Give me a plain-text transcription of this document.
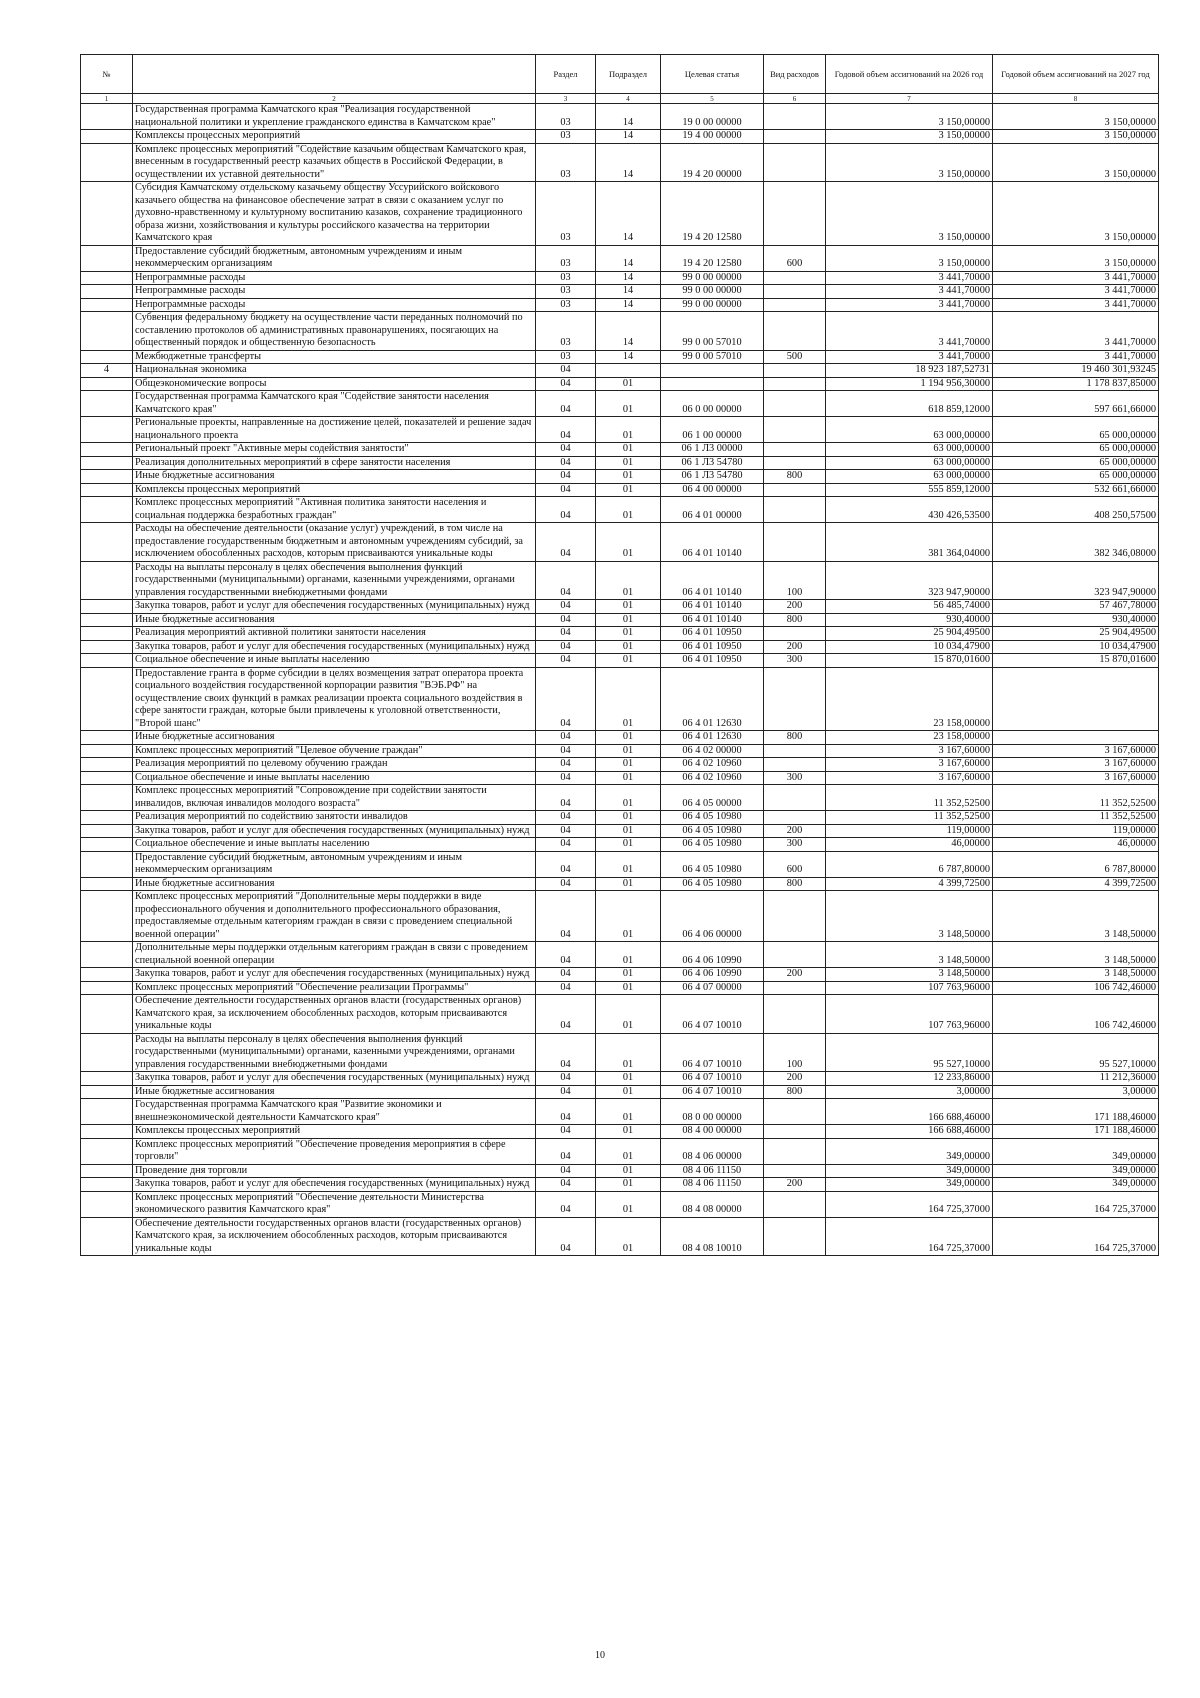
№		Раздел	Подраздел	Целевая статья	Вид расходов	Годовой объем ассигнований на 2026 год	Годовой объем ассигнований на 2027 год
1	2	3	4	5	6	7	8
	Государственная программа Камчатского края "Реализация государственной национальной политики и укрепление гражданского единства в Камчатском крае"	03	14	19 0 00 00000		3 150,00000	3 150,00000
	Комплексы процессных мероприятий	03	14	19 4 00 00000		3 150,00000	3 150,00000
	Комплекс процессных мероприятий "Содействие казачьим обществам Камчатского края, внесенным в государственный реестр казачьих обществ в Российской Федерации, в осуществлении их уставной деятельности"	03	14	19 4 20 00000		3 150,00000	3 150,00000
	Субсидия Камчатскому отдельскому казачьему обществу Уссурийского войскового казачьего общества на финансовое обеспечение затрат в связи с оказанием услуг по духовно-нравственному и культурному воспитанию казаков, сохранение традиционного образа жизни, хозяйствования и культуры российского казачества на территории Камчатского края	03	14	19 4 20 12580		3 150,00000	3 150,00000
	Предоставление субсидий бюджетным, автономным учреждениям и иным некоммерческим организациям	03	14	19 4 20 12580	600	3 150,00000	3 150,00000
	Непрограммные расходы	03	14	99 0 00 00000		3 441,70000	3 441,70000
	Непрограммные расходы	03	14	99 0 00 00000		3 441,70000	3 441,70000
	Непрограммные расходы	03	14	99 0 00 00000		3 441,70000	3 441,70000
	Субвенция федеральному бюджету на осуществление части переданных полномочий по составлению протоколов об административных правонарушениях, посягающих на общественный порядок и общественную безопасность	03	14	99 0 00 57010		3 441,70000	3 441,70000
	Межбюджетные трансферты	03	14	99 0 00 57010	500	3 441,70000	3 441,70000
4	Национальная экономика	04				18 923 187,52731	19 460 301,93245
	Общеэкономические вопросы	04	01			1 194 956,30000	1 178 837,85000
	Государственная программа Камчатского края "Содействие занятости населения Камчатского края"	04	01	06 0 00 00000		618 859,12000	597 661,66000
	Региональные проекты, направленные на достижение целей, показателей и решение задач национального проекта	04	01	06 1 00 00000		63 000,00000	65 000,00000
	Региональный проект "Активные меры содействия занятости"	04	01	06 1 Л3 00000		63 000,00000	65 000,00000
	Реализация дополнительных мероприятий в сфере занятости населения	04	01	06 1 Л3 54780		63 000,00000	65 000,00000
	Иные бюджетные ассигнования	04	01	06 1 Л3 54780	800	63 000,00000	65 000,00000
	Комплексы процессных мероприятий	04	01	06 4 00 00000		555 859,12000	532 661,66000
	Комплекс процессных мероприятий "Активная политика занятости населения и социальная поддержка безработных граждан"	04	01	06 4 01 00000		430 426,53500	408 250,57500
	Расходы на обеспечение деятельности (оказание услуг) учреждений, в том числе на предоставление государственным бюджетным и автономным учреждениям субсидий, за исключением обособленных расходов, которым присваиваются уникальные коды	04	01	06 4 01 10140		381 364,04000	382 346,08000
	Расходы на выплаты персоналу в целях обеспечения выполнения функций государственными (муниципальными) органами, казенными учреждениями, органами управления государственными внебюджетными фондами	04	01	06 4 01 10140	100	323 947,90000	323 947,90000
	Закупка товаров, работ и услуг для обеспечения государственных (муниципальных) нужд	04	01	06 4 01 10140	200	56 485,74000	57 467,78000
	Иные бюджетные ассигнования	04	01	06 4 01 10140	800	930,40000	930,40000
	Реализация мероприятий активной политики занятости населения	04	01	06 4 01 10950		25 904,49500	25 904,49500
	Закупка товаров, работ и услуг для обеспечения государственных (муниципальных) нужд	04	01	06 4 01 10950	200	10 034,47900	10 034,47900
	Социальное обеспечение и иные выплаты населению	04	01	06 4 01 10950	300	15 870,01600	15 870,01600
	Предоставление гранта в форме субсидии в целях возмещения затрат оператора проекта социального воздействия государственной корпорации развития "ВЭБ.РФ" на осуществление своих функций в рамках реализации проекта социального воздействия в сфере занятости граждан, которые были привлечены к уголовной ответственности, "Второй шанс"	04	01	06 4 01 12630		23 158,00000	
	Иные бюджетные ассигнования	04	01	06 4 01 12630	800	23 158,00000	
	Комплекс процессных мероприятий "Целевое обучение граждан"	04	01	06 4 02 00000		3 167,60000	3 167,60000
	Реализация мероприятий по целевому обучению граждан	04	01	06 4 02 10960		3 167,60000	3 167,60000
	Социальное обеспечение и иные выплаты населению	04	01	06 4 02 10960	300	3 167,60000	3 167,60000
	Комплекс процессных мероприятий "Сопровождение при содействии занятости инвалидов, включая инвалидов молодого возраста"	04	01	06 4 05 00000		11 352,52500	11 352,52500
	Реализация мероприятий по содействию занятости инвалидов	04	01	06 4 05 10980		11 352,52500	11 352,52500
	Закупка товаров, работ и услуг для обеспечения государственных (муниципальных) нужд	04	01	06 4 05 10980	200	119,00000	119,00000
	Социальное обеспечение и иные выплаты населению	04	01	06 4 05 10980	300	46,00000	46,00000
	Предоставление субсидий бюджетным, автономным учреждениям и иным некоммерческим организациям	04	01	06 4 05 10980	600	6 787,80000	6 787,80000
	Иные бюджетные ассигнования	04	01	06 4 05 10980	800	4 399,72500	4 399,72500
	Комплекс процессных мероприятий "Дополнительные меры поддержки в виде профессионального обучения и дополнительного профессионального образования, предоставляемые отдельным категориям граждан в связи с проведением специальной военной операции"	04	01	06 4 06 00000		3 148,50000	3 148,50000
	Дополнительные меры поддержки отдельным категориям граждан в связи с проведением специальной военной операции	04	01	06 4 06 10990		3 148,50000	3 148,50000
	Закупка товаров, работ и услуг для обеспечения государственных (муниципальных) нужд	04	01	06 4 06 10990	200	3 148,50000	3 148,50000
	Комплекс процессных мероприятий "Обеспечение реализации Программы"	04	01	06 4 07 00000		107 763,96000	106 742,46000
	Обеспечение деятельности государственных органов власти (государственных органов) Камчатского края, за исключением обособленных расходов, которым присваиваются уникальные коды	04	01	06 4 07 10010		107 763,96000	106 742,46000
	Расходы на выплаты персоналу в целях обеспечения выполнения функций государственными (муниципальными) органами, казенными учреждениями, органами управления государственными внебюджетными фондами	04	01	06 4 07 10010	100	95 527,10000	95 527,10000
	Закупка товаров, работ и услуг для обеспечения государственных (муниципальных) нужд	04	01	06 4 07 10010	200	12 233,86000	11 212,36000
	Иные бюджетные ассигнования	04	01	06 4 07 10010	800	3,00000	3,00000
	Государственная программа Камчатского края "Развитие экономики и внешнеэкономической деятельности Камчатского края"	04	01	08 0 00 00000		166 688,46000	171 188,46000
	Комплексы процессных мероприятий	04	01	08 4 00 00000		166 688,46000	171 188,46000
	Комплекс процессных мероприятий "Обеспечение проведения мероприятия в сфере торговли"	04	01	08 4 06 00000		349,00000	349,00000
	Проведение дня торговли	04	01	08 4 06 11150		349,00000	349,00000
	Закупка товаров, работ и услуг для обеспечения государственных (муниципальных) нужд	04	01	08 4 06 11150	200	349,00000	349,00000
	Комплекс процессных мероприятий "Обеспечение деятельности Министерства экономического развития Камчатского края"	04	01	08 4 08 00000		164 725,37000	164 725,37000
	Обеспечение деятельности государственных органов власти (государственных органов) Камчатского края, за исключением обособленных расходов, которым присваиваются уникальные коды	04	01	08 4 08 10010		164 725,37000	164 725,37000
10
